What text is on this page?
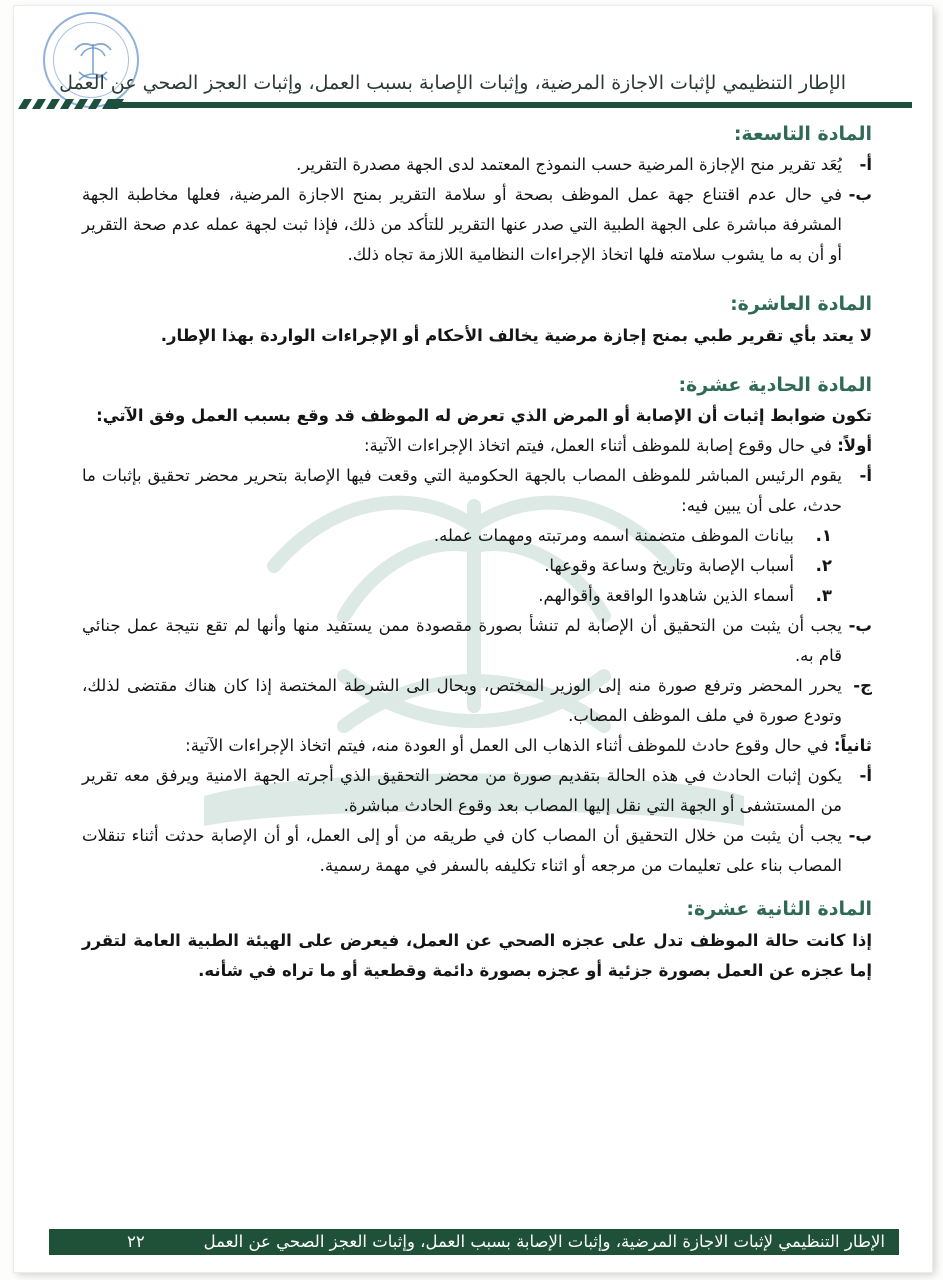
الإطار التنظيمي لإثبات الاجازة المرضية، وإثبات الإصابة بسبب العمل، وإثبات العجز الصحي عن العمل
المادة التاسعة:
أ-
يُعَد تقرير منح الإجازة المرضية حسب النموذج المعتمد لدى الجهة مصدرة التقرير.
ب-
في حال عدم اقتناع جهة عمل الموظف بصحة أو سلامة التقرير بمنح الاجازة المرضية، فعلها مخاطبة الجهة المشرفة مباشرة على الجهة الطبية التي صدر عنها التقرير للتأكد من ذلك، فإذا ثبت لجهة عمله عدم صحة التقرير أو أن به ما يشوب سلامته فلها اتخاذ الإجراءات النظامية اللازمة تجاه ذلك.
المادة العاشرة:

لا يعتد بأي تقرير طبي بمنح إجازة مرضية يخالف الأحكام أو الإجراءات الواردة بهذا الإطار.

المادة الحادية عشرة:

تكون ضوابط إثبات أن الإصابة أو المرض الذي تعرض له الموظف قد وقع بسبب العمل وفق الآتي:

أولاً: في حال وقوع إصابة للموظف أثناء العمل، فيتم اتخاذ الإجراءات الآتية:

أ-
يقوم الرئيس المباشر للموظف المصاب بالجهة الحكومية التي وقعت فيها الإصابة بتحرير محضر تحقيق بإثبات ما حدث، على أن يبين فيه:
١.
بيانات الموظف متضمنة اسمه ومرتبته ومهمات عمله.
٢.
أسباب الإصابة وتاريخ وساعة وقوعها.
٣.
أسماء الذين شاهدوا الواقعة وأقوالهم.
ب-
يجب أن يثبت من التحقيق أن الإصابة لم تنشأ بصورة مقصودة ممن يستفيد منها وأنها لم تقع نتيجة عمل جنائي قام به.
ج-
يحرر المحضر وترفع صورة منه إلى الوزير المختص، ويحال الى الشرطة المختصة إذا كان هناك مقتضى لذلك، وتودع صورة في ملف الموظف المصاب.

ثانياً: في حال وقوع حادث للموظف أثناء الذهاب الى العمل أو العودة منه، فيتم اتخاذ الإجراءات الآتية:

أ-
يكون إثبات الحادث في هذه الحالة بتقديم صورة من محضر التحقيق الذي أجرته الجهة الامنية ويرفق معه تقرير من المستشفى أو الجهة التي نقل إليها المصاب بعد وقوع الحادث مباشرة.
ب-
يجب أن يثبت من خلال التحقيق أن المصاب كان في طريقه من أو إلى العمل، أو أن الإصابة حدثت أثناء تنقلات المصاب بناء على تعليمات من مرجعه أو اثناء تكليفه بالسفر في مهمة رسمية.
المادة الثانية عشرة:

إذا كانت حالة الموظف تدل على عجزه الصحي عن العمل، فيعرض على الهيئة الطبية العامة لتقرر إما عجزه عن العمل بصورة جزئية أو عجزه بصورة دائمة وقطعية أو ما تراه في شأنه.

الإطار التنظيمي لإثبات الاجازة المرضية، وإثبات الإصابة بسبب العمل، وإثبات العجز الصحي عن العمل
٢٢
